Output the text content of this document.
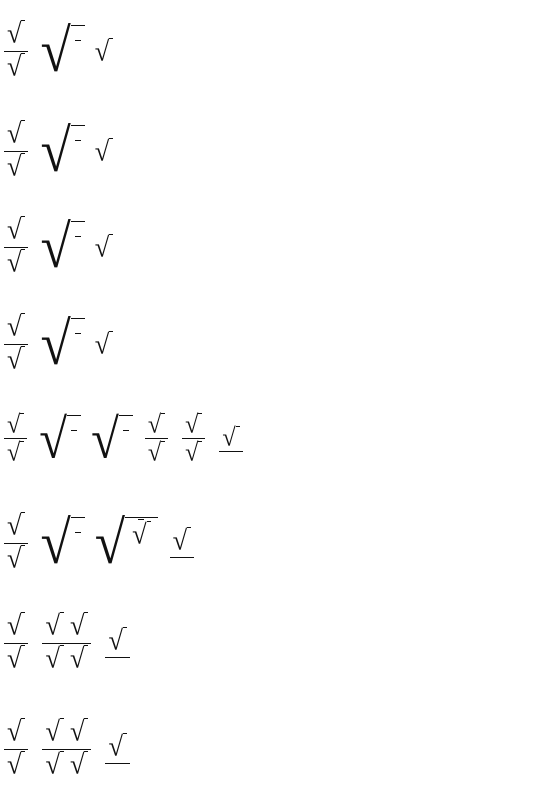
$\frac{√}{√}$ √ √
$\frac{√}{√}$ √ √
$\frac{√}{√}$ √ √
$\frac{√}{√}$ √ √
$\frac{√}{√}$ √ √ $\frac{√}{√} \frac{√}{√}$ √
$\frac{√}{√}$ √ √ √ √
$\frac{√}{√}$ √
√
√
√ √
$\frac{√}{√}$ √
√
√
√ √
